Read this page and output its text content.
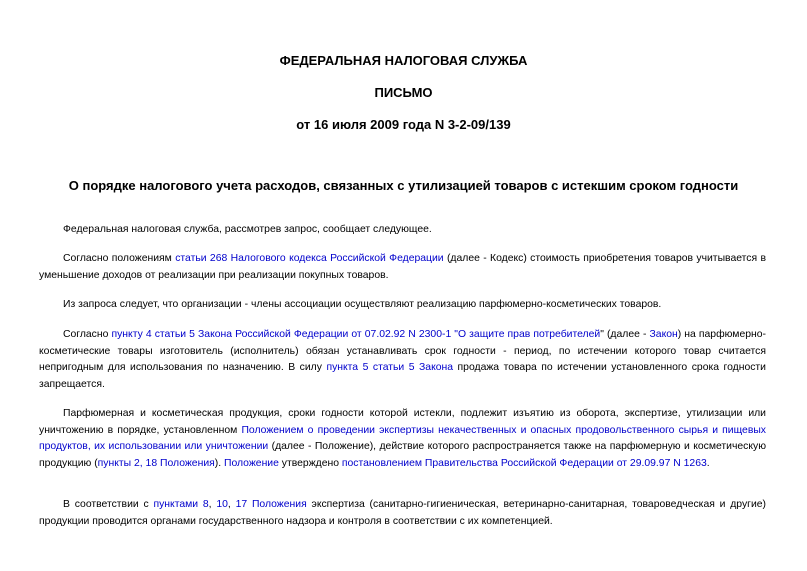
ФЕДЕРАЛЬНАЯ НАЛОГОВАЯ СЛУЖБА
ПИСЬМО
от 16 июля 2009 года N 3-2-09/139
О порядке налогового учета расходов, связанных с утилизацией товаров с истекшим сроком годности

Федеральная налоговая служба, рассмотрев запрос, сообщает следующее.

Согласно положениям статьи 268 Налогового кодекса Российской Федерации (далее - Кодекс) стоимость приобретения товаров учитывается в уменьшение доходов от реализации при реализации покупных товаров.

Из запроса следует, что организации - члены ассоциации осуществляют реализацию парфюмерно-косметических товаров.

Согласно пункту 4 статьи 5 Закона Российской Федерации от 07.02.92 N 2300-1 "О защите прав потребителей" (далее - Закон) на парфюмерно-косметические товары изготовитель (исполнитель) обязан устанавливать срок годности - период, по истечении которого товар считается непригодным для использования по назначению. В силу пункта 5 статьи 5 Закона продажа товара по истечении установленного срока годности запрещается.

Парфюмерная и косметическая продукция, сроки годности которой истекли, подлежит изъятию из оборота, экспертизе, утилизации или уничтожению в порядке, установленном Положением о проведении экспертизы некачественных и опасных продовольственного сырья и пищевых продуктов, их использовании или уничтожении (далее - Положение), действие которого распространяется также на парфюмерную и косметическую продукцию (пункты 2, 18 Положения). Положение утверждено постановлением Правительства Российской Федерации от 29.09.97 N 1263.

В соответствии с пунктами 8, 10, 17 Положения экспертиза (санитарно-гигиеническая, ветеринарно-санитарная, товароведческая и другие) продукции проводится органами государственного надзора и контроля в соответствии с их компетенцией.
